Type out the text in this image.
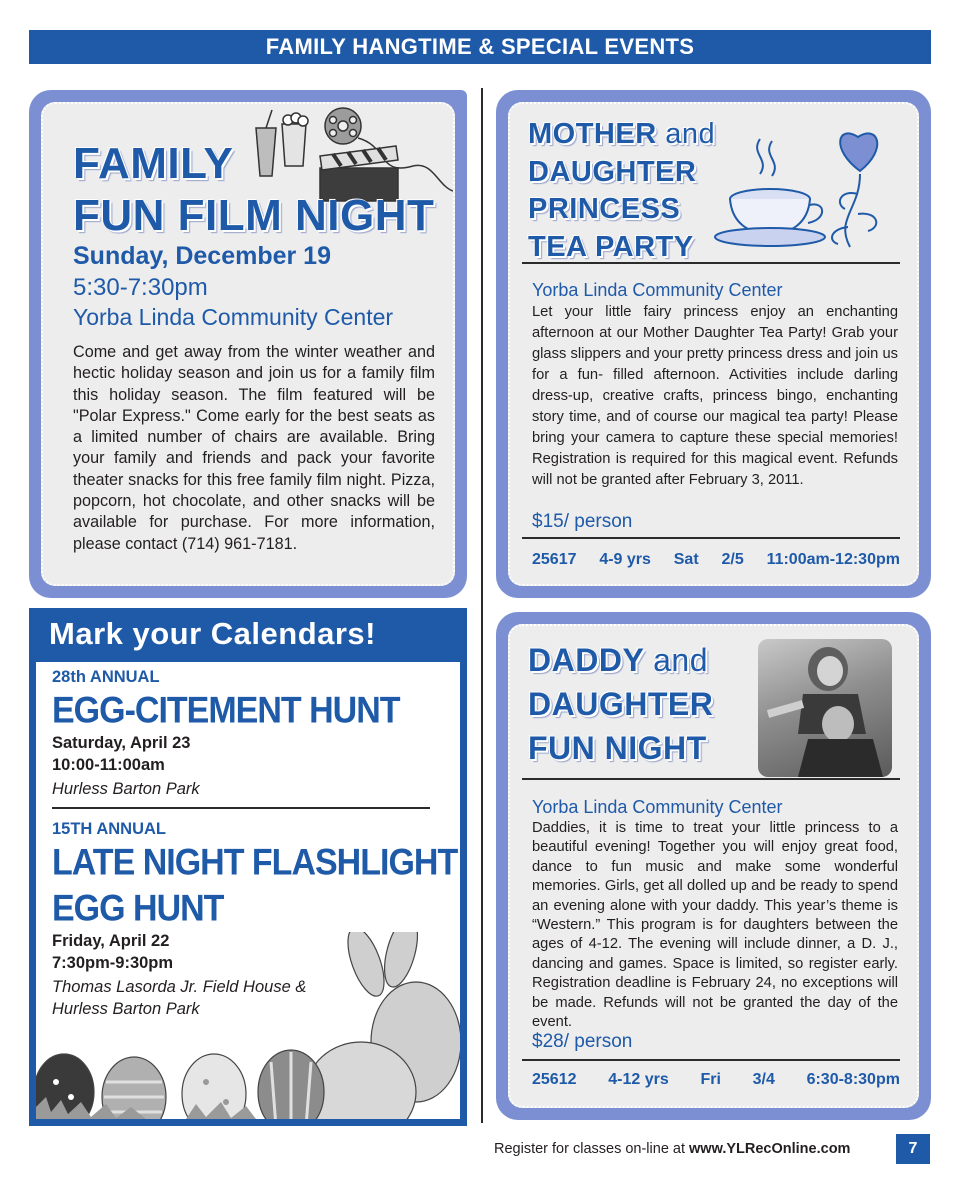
FAMILY HANGTIME & SPECIAL EVENTS
FAMILY
FUN FILM NIGHT
Sunday, December 19
5:30-7:30pm
Yorba Linda Community Center
Come and get away from the winter weather and hectic holiday season and join us for a family film this holiday season. The film featured will be "Polar Express." Come early for the best seats as a limited number of chairs are available. Bring your family and friends and pack your favorite theater snacks for this free family film night. Pizza, popcorn, hot chocolate, and other snacks will be available for purchase. For more information, please contact (714) 961-7181.
MOTHER and
DAUGHTER
PRINCESS
TEA PARTY
Yorba Linda Community Center
Let your little fairy princess enjoy an enchanting afternoon at our Mother Daughter Tea Party! Grab your glass slippers and your pretty princess dress and join us for a fun- filled afternoon. Activities include darling dress-up, creative crafts, princess bingo, enchanting story time, and of course our magical tea party! Please bring your camera to capture these special memories! Registration is required for this magical event. Refunds will not be granted after February 3, 2011.
$15/ person
25617 4-9 yrs Sat 2/5 11:00am-12:30pm
Mark your Calendars!
28th ANNUAL
EGG-CITEMENT HUNT
Saturday, April 23
10:00-11:00am
Hurless Barton Park
15TH ANNUAL
LATE NIGHT FLASHLIGHT
EGG HUNT
Friday, April 22
7:30pm-9:30pm
Thomas Lasorda Jr. Field House &
Hurless Barton Park
DADDY and
DAUGHTER
FUN NIGHT
Yorba Linda Community Center
Daddies, it is time to treat your little princess to a beautiful evening! Together you will enjoy great food, dance to fun music and make some wonderful memories. Girls, get all dolled up and be ready to spend an evening alone with your daddy. This year’s theme is “Western.” This program is for daughters between the ages of 4-12. The evening will include dinner, a D. J., dancing and games. Space is limited, so register early. Registration deadline is February 24, no exceptions will be made. Refunds will not be granted the day of the event.
$28/ person
25612 4-12 yrs Fri 3/4 6:30-8:30pm
Register for classes on-line at www.YLRecOnline.com	7
